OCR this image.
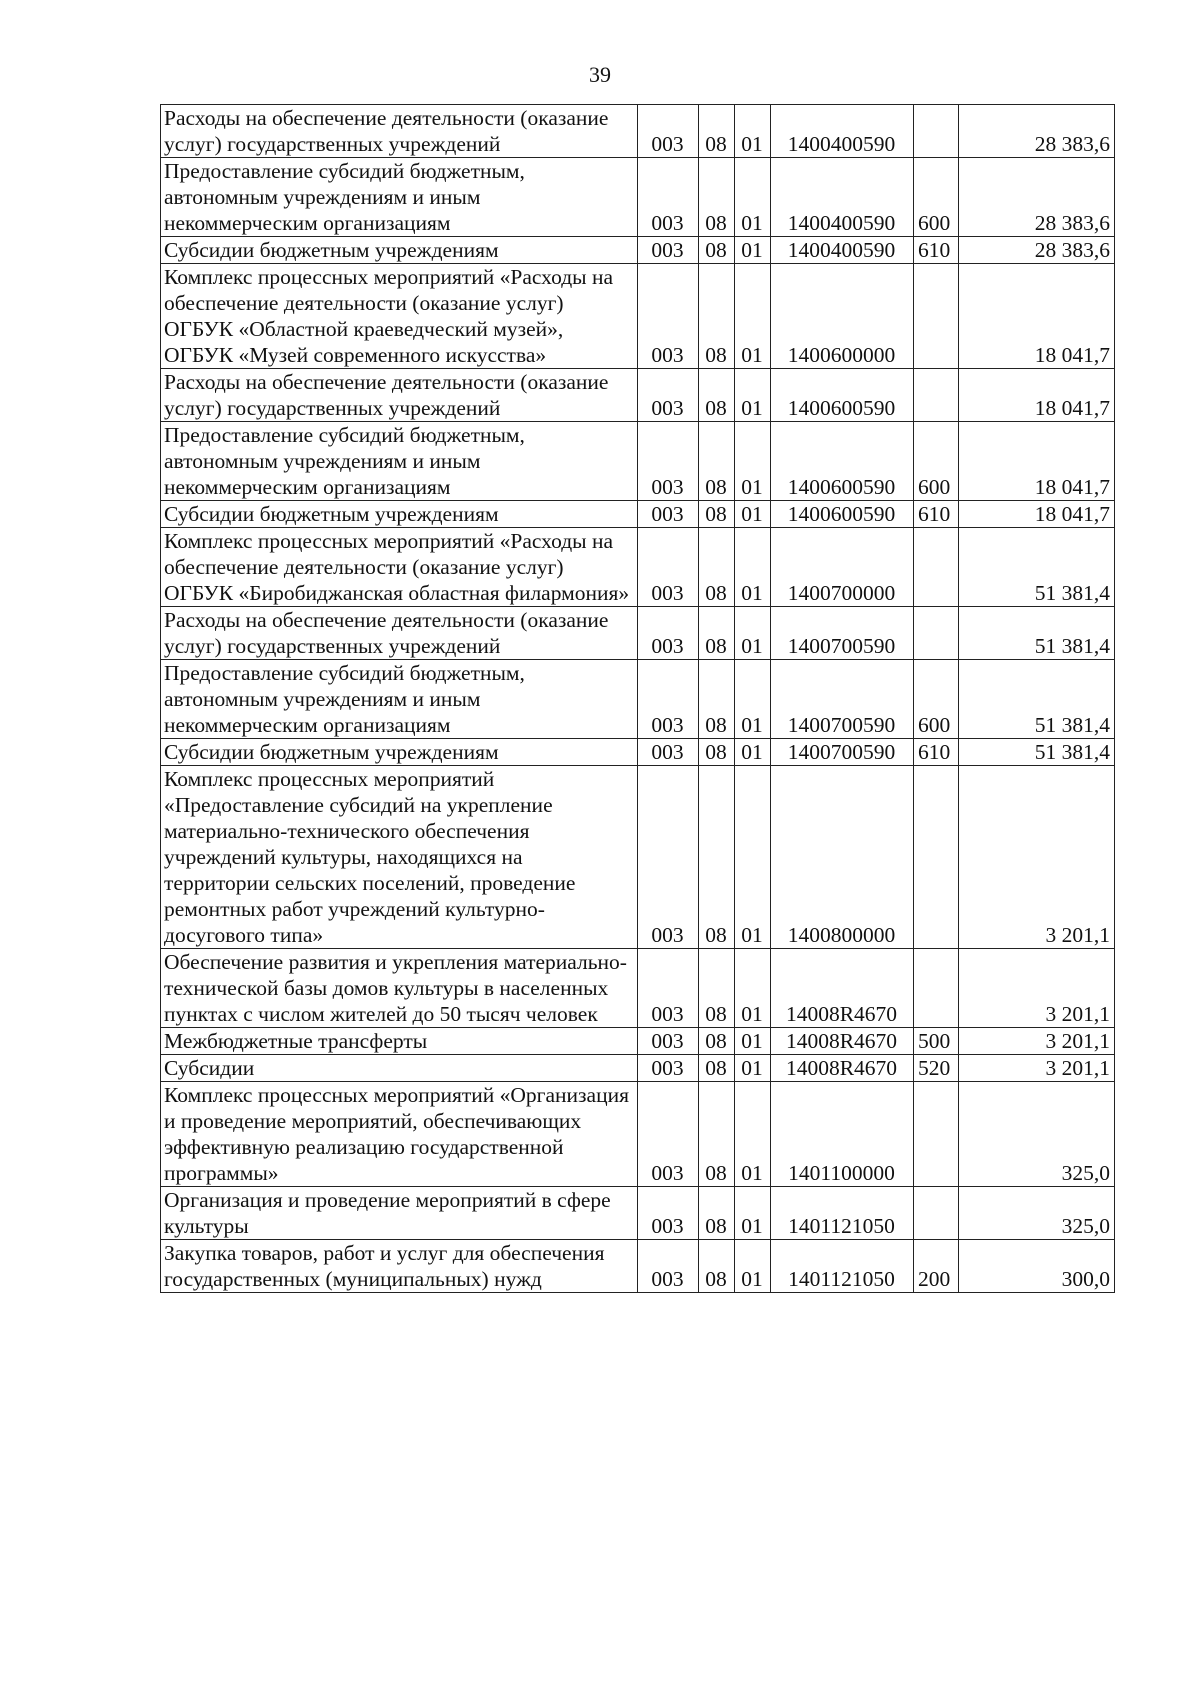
39
Расходы на обеспечение деятельности (оказание услуг) государственных учреждений	003	08	01	1400400590		28 383,6
Предоставление субсидий бюджетным, автономным учреждениям и иным некоммерческим организациям	003	08	01	1400400590	600	28 383,6
Субсидии бюджетным учреждениям	003	08	01	1400400590	610	28 383,6
Комплекс процессных мероприятий «Расходы на обеспечение деятельности (оказание услуг) ОГБУК «Областной краеведческий музей», ОГБУК «Музей современного искусства»	003	08	01	1400600000		18 041,7
Расходы на обеспечение деятельности (оказание услуг) государственных учреждений	003	08	01	1400600590		18 041,7
Предоставление субсидий бюджетным, автономным учреждениям и иным некоммерческим организациям	003	08	01	1400600590	600	18 041,7
Субсидии бюджетным учреждениям	003	08	01	1400600590	610	18 041,7
Комплекс процессных мероприятий «Расходы на обеспечение деятельности (оказание услуг) ОГБУК «Биробиджанская областная филармония»	003	08	01	1400700000		51 381,4
Расходы на обеспечение деятельности (оказание услуг) государственных учреждений	003	08	01	1400700590		51 381,4
Предоставление субсидий бюджетным, автономным учреждениям и иным некоммерческим организациям	003	08	01	1400700590	600	51 381,4
Субсидии бюджетным учреждениям	003	08	01	1400700590	610	51 381,4
Комплекс процессных мероприятий «Предоставление субсидий на укрепление материально-технического обеспечения учреждений культуры, находящихся на территории сельских поселений, проведение ремонтных работ учреждений культурно-досугового типа»	003	08	01	1400800000		3 201,1
Обеспечение развития и укрепления материально-технической базы домов культуры в населенных пунктах с числом жителей до 50 тысяч человек	003	08	01	14008R4670		3 201,1
Межбюджетные трансферты	003	08	01	14008R4670	500	3 201,1
Субсидии	003	08	01	14008R4670	520	3 201,1
Комплекс процессных мероприятий «Организация и проведение мероприятий, обеспечивающих эффективную реализацию государственной программы»	003	08	01	1401100000		325,0
Организация и проведение мероприятий в сфере культуры	003	08	01	1401121050		325,0
Закупка товаров, работ и услуг для обеспечения государственных (муниципальных) нужд	003	08	01	1401121050	200	300,0
